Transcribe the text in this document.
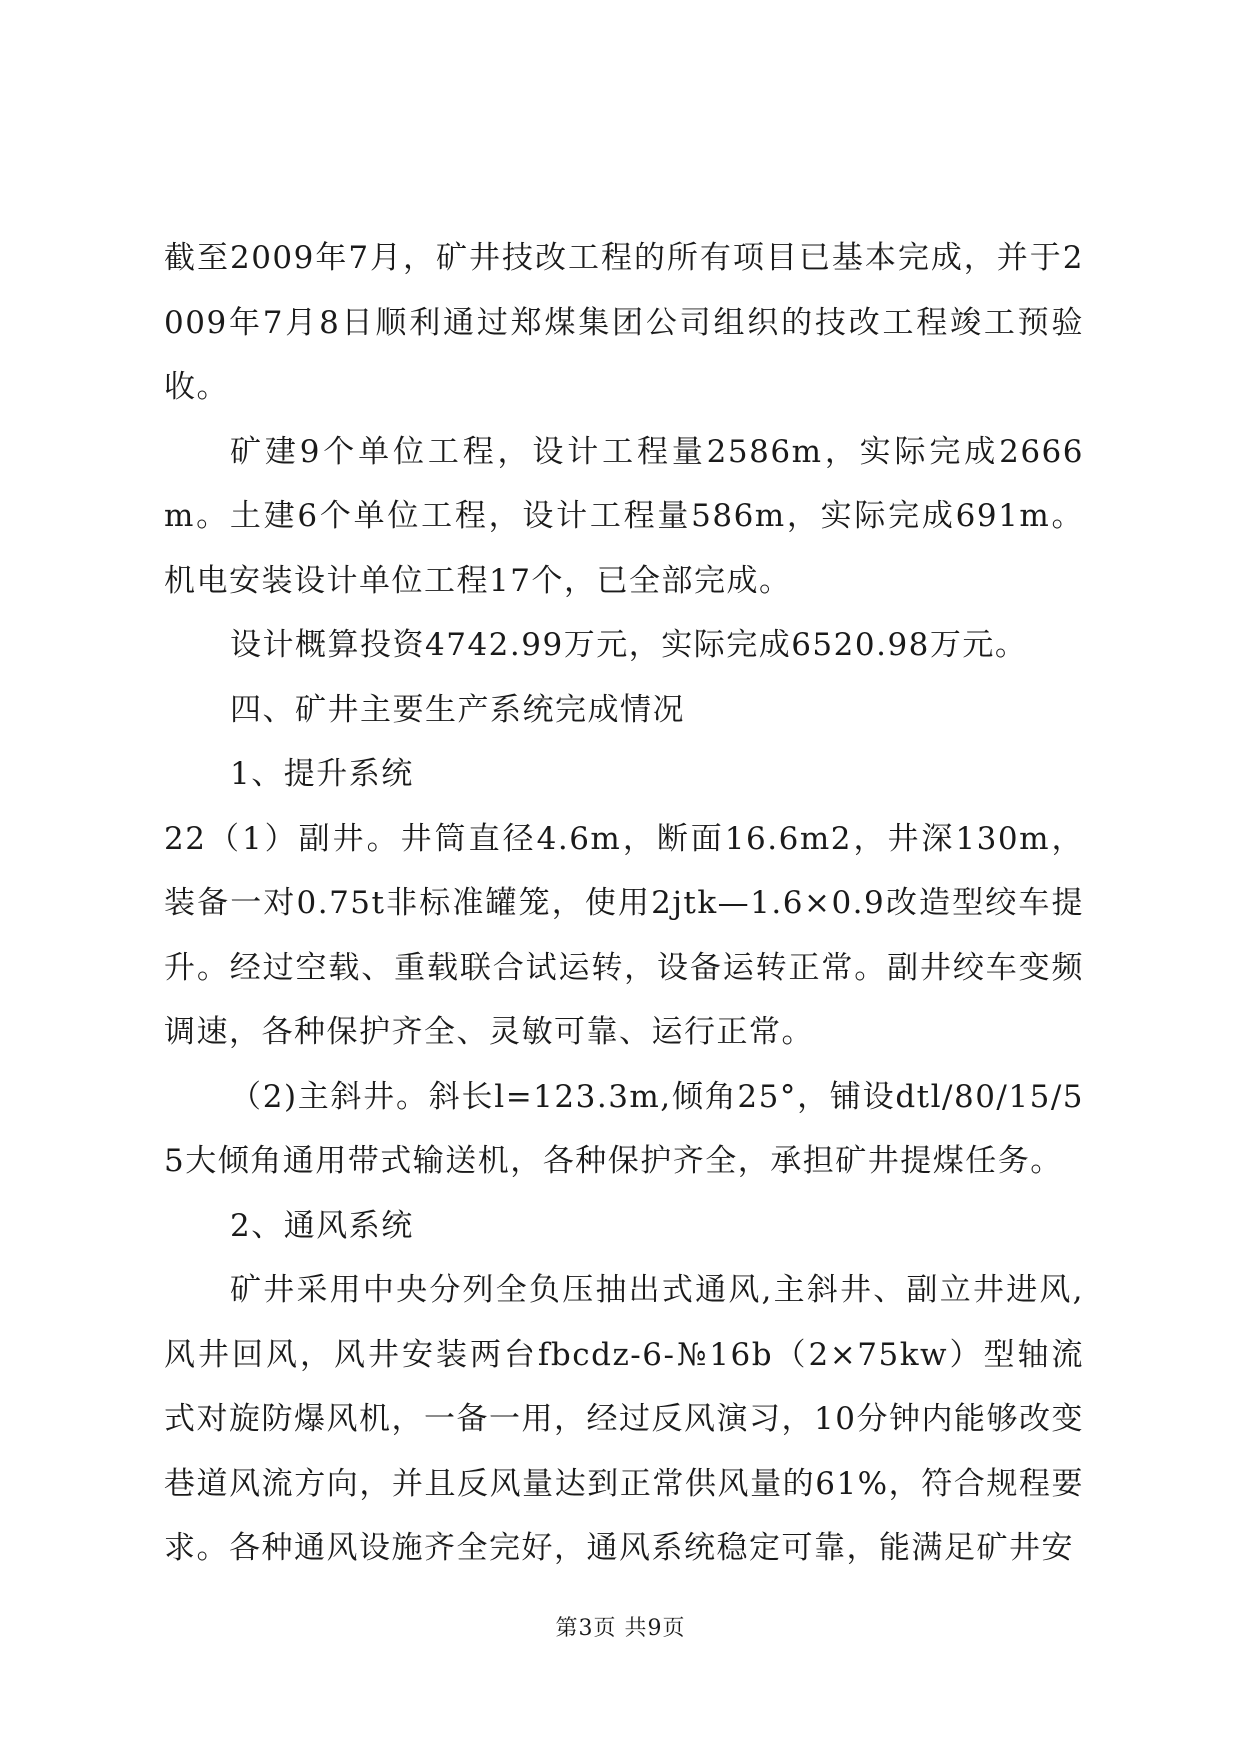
截至2009年7月，矿井技改工程的所有项目已基本完成，并于2009年7月8日顺利通过郑煤集团公司组织的技改工程竣工预验收。

矿建9个单位工程，设计工程量2586m，实际完成2666m。土建6个单位工程，设计工程量586m，实际完成691m。机电安装设计单位工程17个，已全部完成。

设计概算投资4742.99万元，实际完成6520.98万元。

四、矿井主要生产系统完成情况

1、提升系统

22（1）副井。井筒直径4.6m，断面16.6m2，井深130m，装备一对0.75t非标准罐笼，使用2jtk—1.6×0.9改造型绞车提升。经过空载、重载联合试运转，设备运转正常。副井绞车变频调速，各种保护齐全、灵敏可靠、运行正常。

（2)主斜井。斜长l=123.3m,倾角25°，铺设dtl/80/15/55大倾角通用带式输送机，各种保护齐全，承担矿井提煤任务。

2、通风系统

矿井采用中央分列全负压抽出式通风,主斜井、副立井进风,风井回风，风井安装两台fbcdz-6-№16b（2×75kw）型轴流式对旋防爆风机，一备一用，经过反风演习，10分钟内能够改变巷道风流方向，并且反风量达到正常供风量的61%，符合规程要求。各种通风设施齐全完好，通风系统稳定可靠，能满足矿井安

第3页 共9页
